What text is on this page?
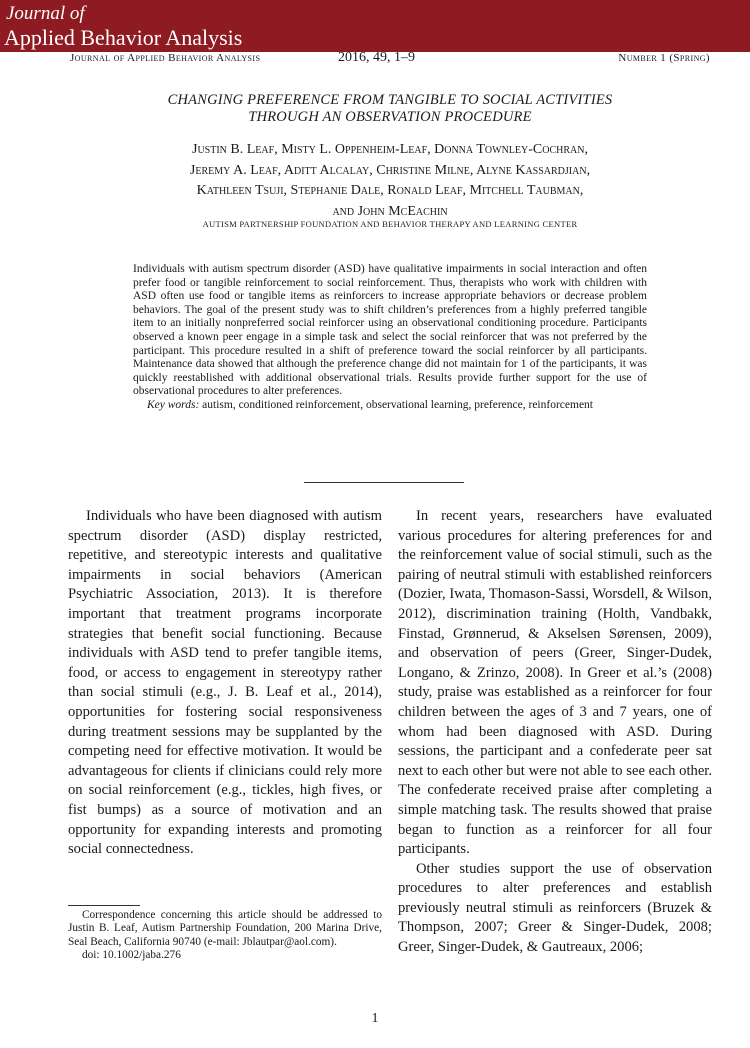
Journal of
Applied Behavior Analysis
Journal of Applied Behavior Analysis	2016, 49, 1–9	Number 1 (Spring)
CHANGING PREFERENCE FROM TANGIBLE TO SOCIAL ACTIVITIES
THROUGH AN OBSERVATION PROCEDURE
Justin B. Leaf, Misty L. Oppenheim-Leaf, Donna Townley-Cochran,
Jeremy A. Leaf, Aditt Alcalay, Christine Milne, Alyne Kassardjian,
Kathleen Tsuji, Stephanie Dale, Ronald Leaf, Mitchell Taubman,
and John McEachin
AUTISM PARTNERSHIP FOUNDATION AND BEHAVIOR THERAPY AND LEARNING CENTER

Individuals with autism spectrum disorder (ASD) have qualitative impairments in social interaction and often prefer food or tangible reinforcement to social reinforcement. Thus, therapists who work with children with ASD often use food or tangible items as reinforcers to increase appropriate behaviors or decrease problem behaviors. The goal of the present study was to shift children’s preferences from a highly preferred tangible item to an initially nonpreferred social reinforcer using an observational conditioning procedure. Participants observed a known peer engage in a simple task and select the social reinforcer that was not preferred by the participant. This procedure resulted in a shift of preference toward the social reinforcer by all participants. Maintenance data showed that although the preference change did not maintain for 1 of the participants, it was quickly reestablished with additional observational trials. Results provide further support for the use of observational procedures to alter preferences.

Key words: autism, conditioned reinforcement, observational learning, preference, reinforcement

Individuals who have been diagnosed with autism spectrum disorder (ASD) display restricted, repetitive, and stereotypic interests and qualitative impairments in social behaviors (American Psychiatric Association, 2013). It is therefore important that treatment programs incorporate strategies that benefit social functioning. Because individuals with ASD tend to prefer tangible items, food, or access to engagement in stereotypy rather than social stimuli (e.g., J. B. Leaf et al., 2014), opportunities for fostering social responsiveness during treatment sessions may be supplanted by the competing need for effective motivation. It would be advantageous for clients if clinicians could rely more on social reinforcement (e.g., tickles, high fives, or fist bumps) as a source of motivation and an opportunity for expanding interests and promoting social connectedness.

In recent years, researchers have evaluated various procedures for altering preferences for and the reinforcement value of social stimuli, such as the pairing of neutral stimuli with established reinforcers (Dozier, Iwata, Thomason-Sassi, Worsdell, & Wilson, 2012), discrimination training (Holth, Vandbakk, Finstad, Grønnerud, & Akselsen Sørensen, 2009), and observation of peers (Greer, Singer-Dudek, Longano, & Zrinzo, 2008). In Greer et al.’s (2008) study, praise was established as a reinforcer for four children between the ages of 3 and 7 years, one of whom had been diagnosed with ASD. During sessions, the participant and a confederate peer sat next to each other but were not able to see each other. The confederate received praise after completing a simple matching task. The results showed that praise began to function as a reinforcer for all four participants.

Other studies support the use of observation procedures to alter preferences and establish previously neutral stimuli as reinforcers (Bruzek & Thompson, 2007; Greer & Singer-Dudek, 2008; Greer, Singer-Dudek, & Gautreaux, 2006;

Correspondence concerning this article should be addressed to Justin B. Leaf, Autism Partnership Foundation, 200 Marina Drive, Seal Beach, California 90740 (e-mail: Jblautpar@aol.com).

doi: 10.1002/jaba.276

1
